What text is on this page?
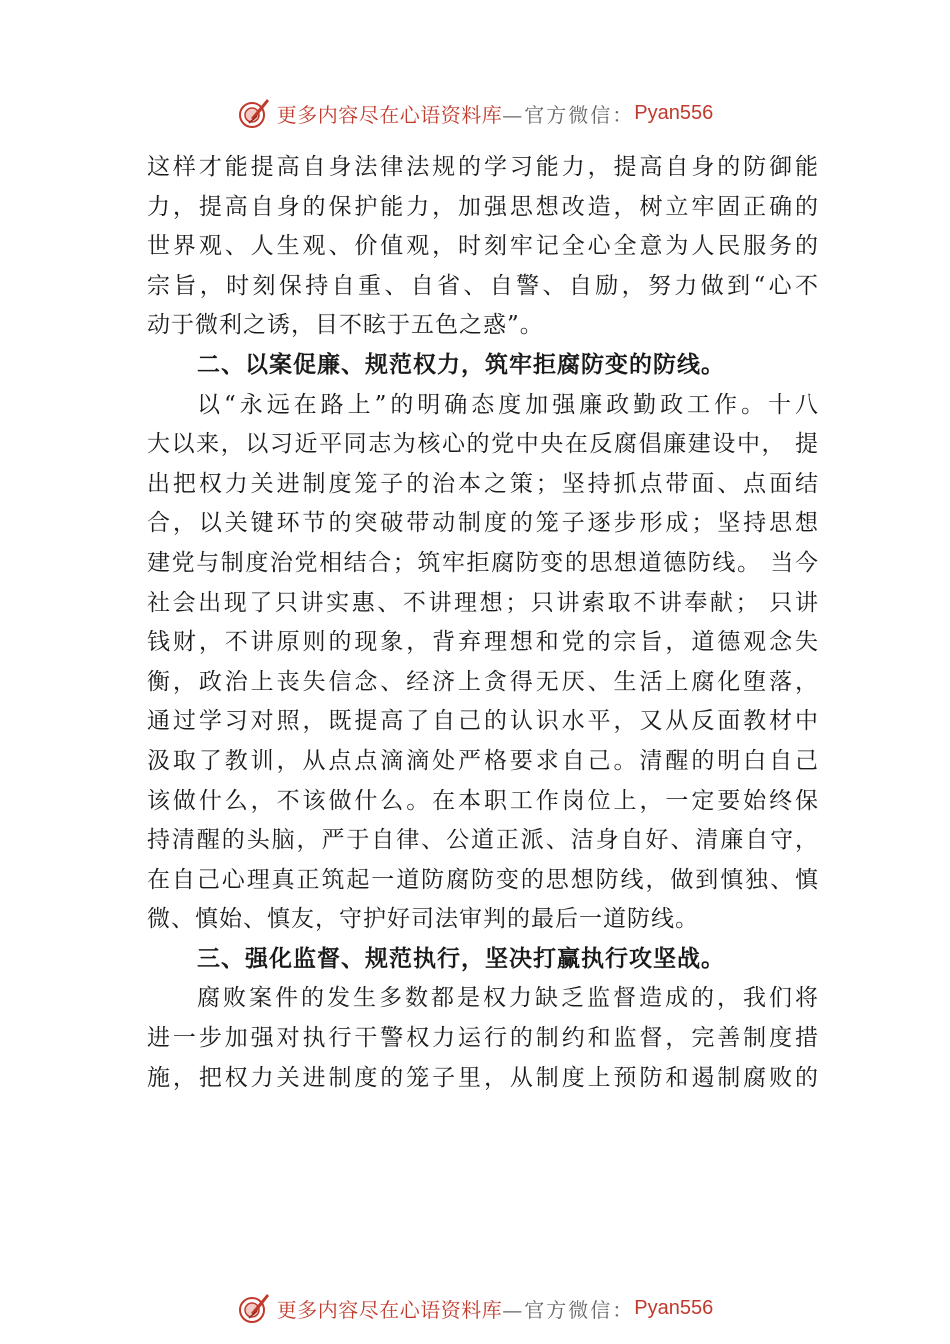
更多内容尽在心语资料库 —官方微信： Pyan556
这样才能提高自身法律法规的学习能力，提高自身的防御能
力，提高自身的保护能力，加强思想改造，树立牢固正确的
世界观、人生观、价值观，时刻牢记全心全意为人民服务的
宗旨，时刻保持自重、自省、自警、自励，努力做到“心不
动于微利之诱，目不眩于五色之惑”。
二、以案促廉、规范权力，筑牢拒腐防变的防线。
以“永远在路上”的明确态度加强廉政勤政工作。十八
大以来，以习近平同志为核心的党中央在反腐倡廉建设中， 提
出把权力关进制度笼子的治本之策；坚持抓点带面、点面结
合，以关键环节的突破带动制度的笼子逐步形成；坚持思想
建党与制度治党相结合；筑牢拒腐防变的思想道德防线。 当今
社会出现了只讲实惠、不讲理想；只讲索取不讲奉献； 只讲
钱财，不讲原则的现象，背弃理想和党的宗旨，道德观念失
衡，政治上丧失信念、经济上贪得无厌、生活上腐化堕落，
通过学习对照，既提高了自己的认识水平，又从反面教材中
汲取了教训，从点点滴滴处严格要求自己。清醒的明白自己
该做什么，不该做什么。在本职工作岗位上，一定要始终保
持清醒的头脑，严于自律、公道正派、洁身自好、清廉自守，
在自己心理真正筑起一道防腐防变的思想防线，做到慎独、慎
微、慎始、慎友，守护好司法审判的最后一道防线。
三、强化监督、规范执行，坚决打赢执行攻坚战。
腐败案件的发生多数都是权力缺乏监督造成的，我们将
进一步加强对执行干警权力运行的制约和监督，完善制度措
施，把权力关进制度的笼子里，从制度上预防和遏制腐败的
更多内容尽在心语资料库 —官方微信： Pyan556
